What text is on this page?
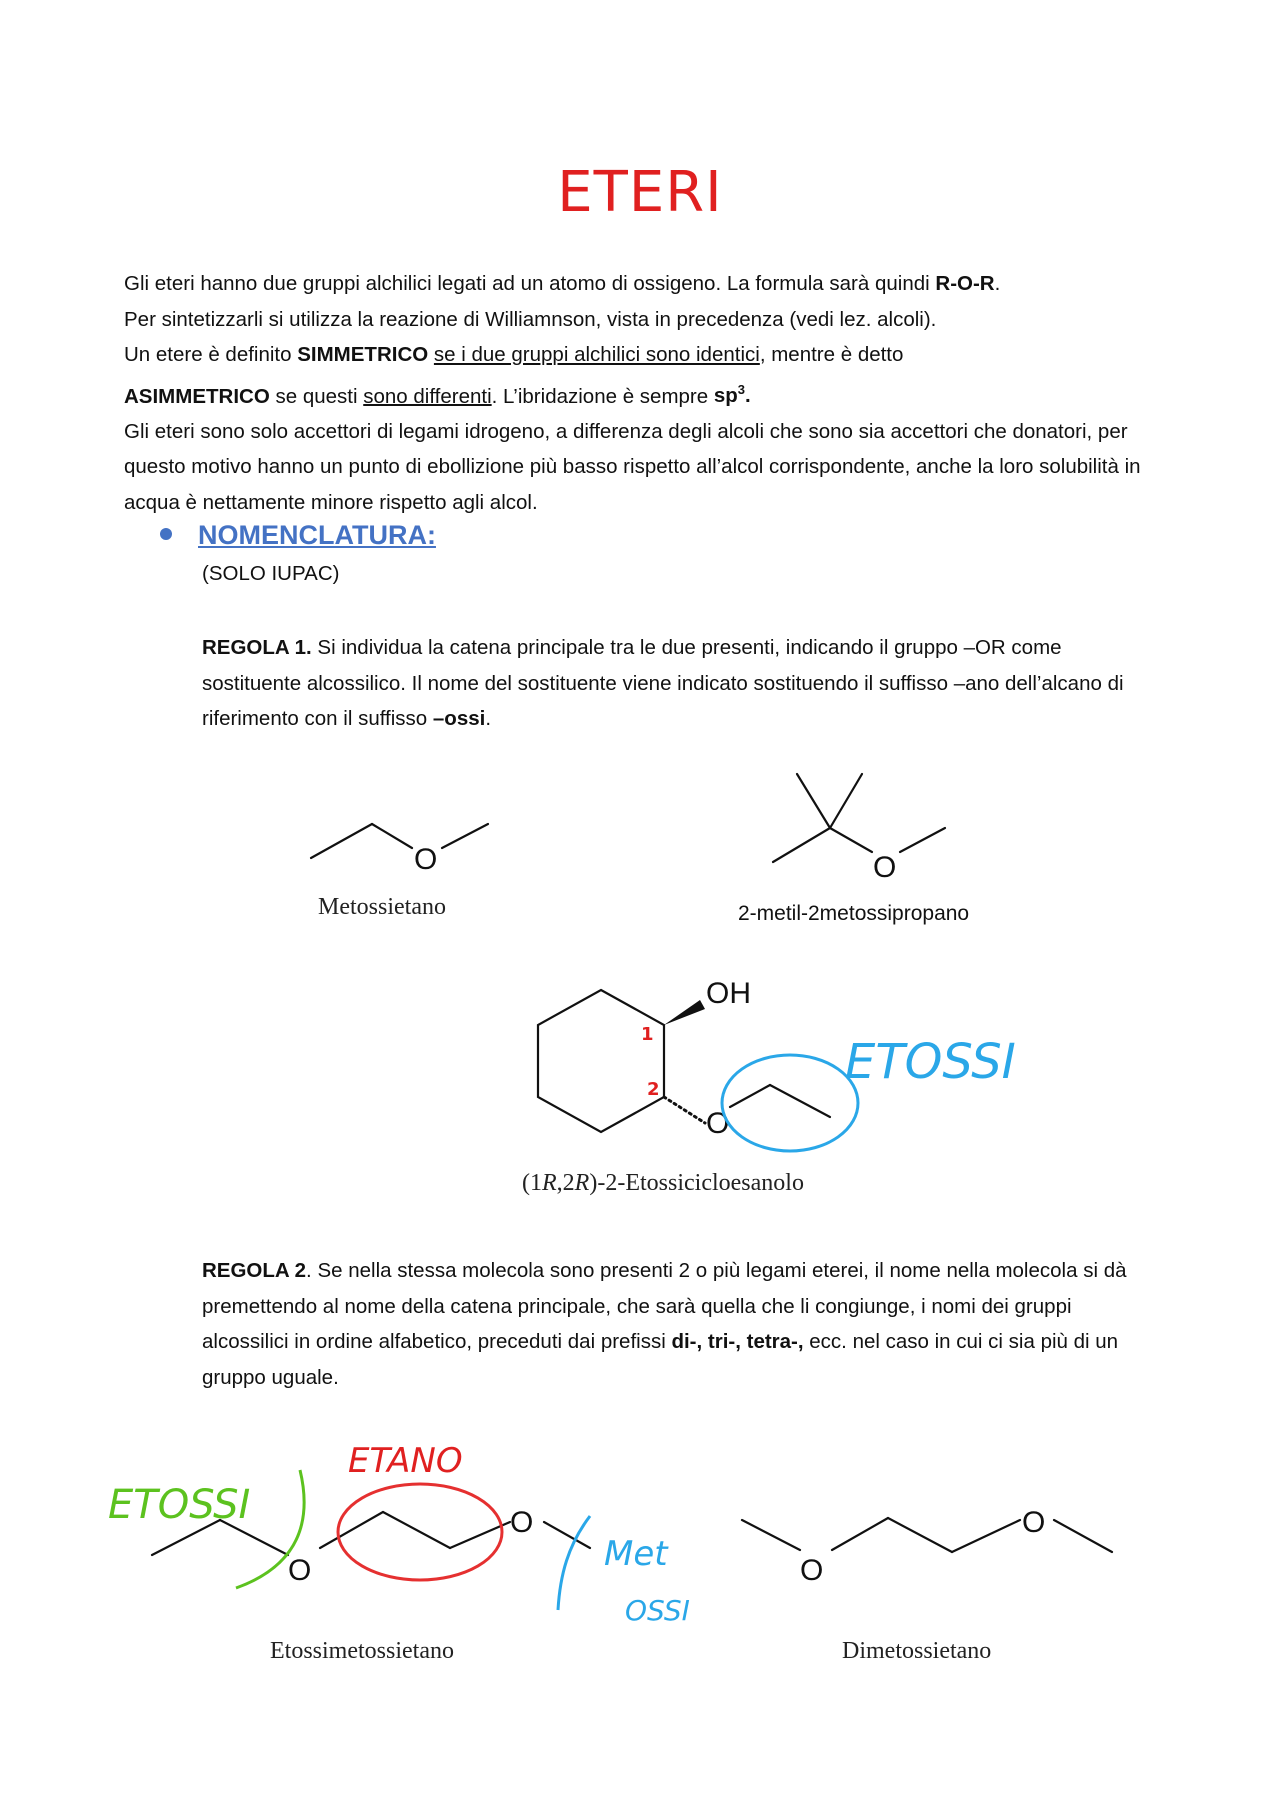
ETERI

Gli eteri hanno due gruppi alchilici legati ad un atomo di ossigeno. La formula sarà quindi R-O-R.

Per sintetizzarli si utilizza la reazione di Williamnson, vista in precedenza (vedi lez. alcoli).

Un etere è definito SIMMETRICO se i due gruppi alchilici sono identici, mentre è detto

ASIMMETRICO se questi sono differenti. L’ibridazione è sempre $sp^3$.

Gli eteri sono solo accettori di legami idrogeno, a differenza degli alcoli che sono sia accettori che donatori, per questo motivo hanno un punto di ebollizione più basso rispetto all’alcol corrispondente, anche la loro solubilità in acqua è nettamente minore rispetto agli alcol.

NOMENCLATURA:
(SOLO IUPAC)

REGOLA 1. Si individua la catena principale tra le due presenti, indicando il gruppo –OR come sostituente alcossilico. Il nome del sostituente viene indicato sostituendo il suffisso –ano dell’alcano di riferimento con il suffisso –ossi.

REGOLA 2. Se nella stessa molecola sono presenti 2 o più legami eterei, il nome nella molecola si dà premettendo al nome della catena principale, che sarà quella che li congiunge, i nomi dei gruppi alcossilici in ordine alfabetico, preceduti dai prefissi di-, tri-, tetra-, ecc. nel caso in cui ci sia più di un gruppo uguale.

O	O
OH
O
O
O
O
O
1
2	ETOSSI
ETANO
ETOSSI
Met
OSSI
Metossietano	2-metil-2metossipropano
(1R,2R)-2-Etossicicloesanolo
Etossimetossietano	Dimetossietano
